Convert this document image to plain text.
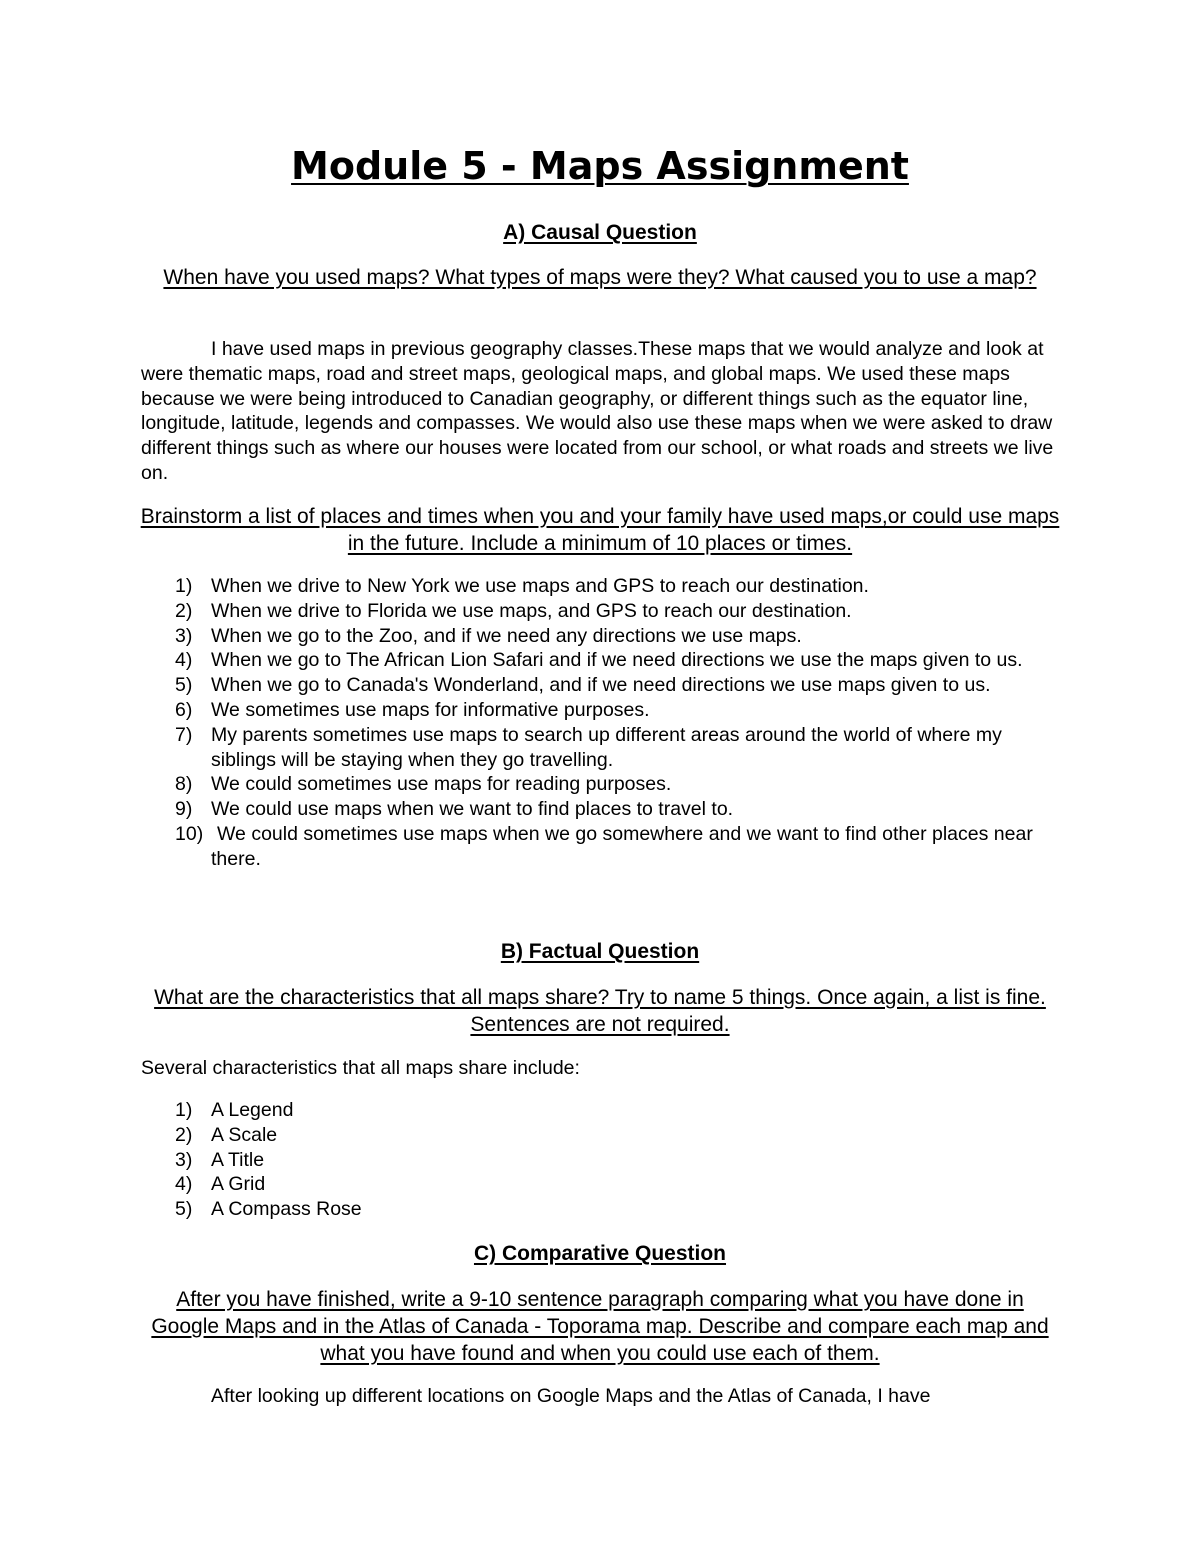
Module 5 - Maps Assignment
A) Causal Question
When have you used maps? What types of maps were they? What caused you to use a map?

I have used maps in previous geography classes.These maps that we would analyze and look at were thematic maps, road and street maps, geological maps, and global maps. We used these maps because we were being introduced to Canadian geography, or different things such as the equator line, longitude, latitude, legends and compasses. We would also use these maps when we were asked to draw different things such as where our houses were located from our school, or what roads and streets we live on.

Brainstorm a list of places and times when you and your family have used maps,or could use maps in the future. Include a minimum of 10 places or times.
1) When we drive to New York we use maps and GPS to reach our destination.
2) When we drive to Florida we use maps, and GPS to reach our destination.
3) When we go to the Zoo, and if we need any directions we use maps.
4) When we go to The African Lion Safari and if we need directions we use the maps given to us.
5) When we go to Canada's Wonderland, and if we need directions we use maps given to us.
6) We sometimes use maps for informative purposes.
7) My parents sometimes use maps to search up different areas around the world of where my siblings will be staying when they go travelling.
8) We could sometimes use maps for reading purposes.
9) We could use maps when we want to find places to travel to.
10) We could sometimes use maps when we go somewhere and we want to find other places near there.
B) Factual Question
What are the characteristics that all maps share? Try to name 5 things. Once again, a list is fine. Sentences are not required.

Several characteristics that all maps share include:

1) A Legend
2) A Scale
3) A Title
4) A Grid
5) A Compass Rose
C) Comparative Question
After you have finished, write a 9-10 sentence paragraph comparing what you have done in Google Maps and in the Atlas of Canada - Toporama map. Describe and compare each map and what you have found and when you could use each of them.

After looking up different locations on Google Maps and the Atlas of Canada, I have
